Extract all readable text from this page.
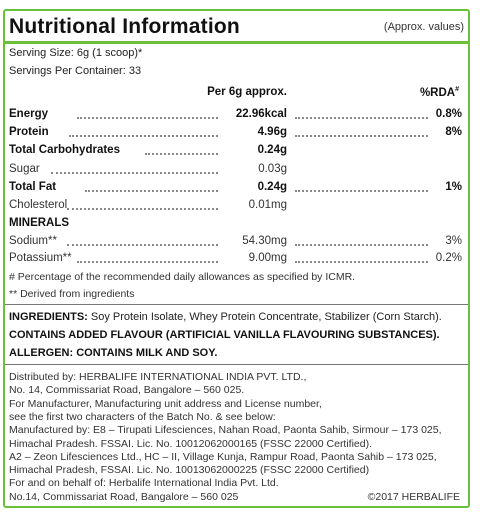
Nutritional Information	(Approx. values)
Serving Size: 6g (1 scoop)*
Servings Per Container: 33
Per 6g approx.	%RDA#
Energy	22.96kcal	0.8%
Protein	4.96g	8%
Total Carbohydrates	0.24g
Sugar	0.03g
Total Fat	0.24g	1%
Cholesterol	0.01mg
MINERALS
Sodium**	54.30mg	3%
Potassium**	9.00mg	0.2%
# Percentage of the recommended daily allowances as specified by ICMR.
** Derived from ingredients
INGREDIENTS: Soy Protein Isolate, Whey Protein Concentrate, Stabilizer (Corn Starch).
CONTAINS ADDED FLAVOUR (ARTIFICIAL VANILLA FLAVOURING SUBSTANCES).
ALLERGEN: CONTAINS MILK AND SOY.
Distributed by: HERBALIFE INTERNATIONAL INDIA PVT. LTD.,
No. 14, Commissariat Road, Bangalore – 560 025.
For Manufacturer, Manufacturing unit address and License number,
see the first two characters of the Batch No. & see below:
Manufactured by: E8 – Tirupati Lifesciences, Nahan Road, Paonta Sahib, Sirmour – 173 025,
Himachal Pradesh. FSSAI. Lic. No. 10012062000165 (FSSC 22000 Certified).
A2 – Zeon Lifesciences Ltd., HC – II, Village Kunja, Rampur Road, Paonta Sahib – 173 025,
Himachal Pradesh, FSSAI. Lic. No. 10013062000225 (FSSC 22000 Certified)
For and on behalf of: Herbalife International India Pvt. Ltd.
No.14, Commissariat Road, Bangalore – 560 025	©2017 HERBALIFE
